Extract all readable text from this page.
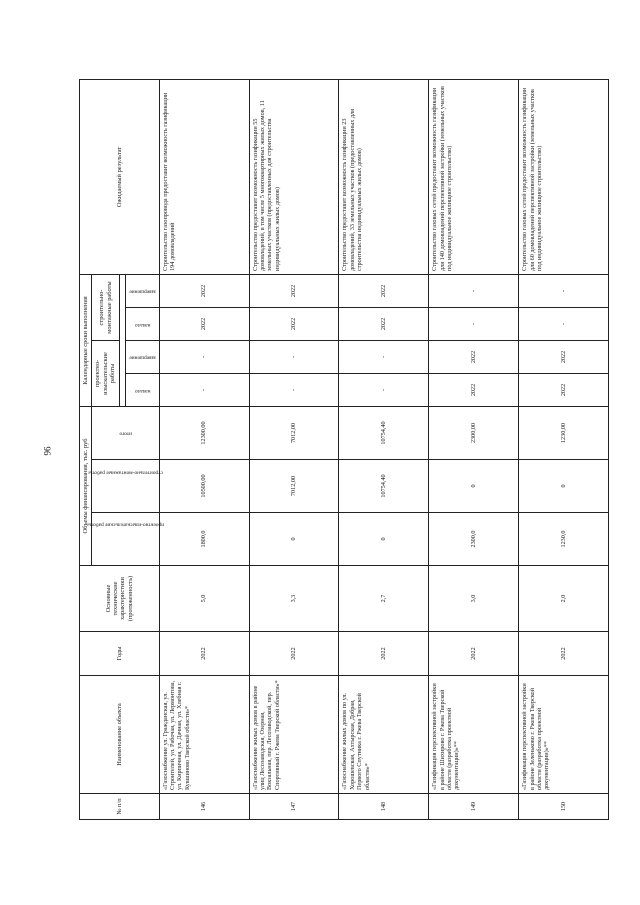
96
№ п/п	Наименование объекта	Годы	Основные технические характеристики (протяженность)	Объемы финансирования, тыс. руб			Календарные сроки выполнения				Ожидаемый результат
				проектно-изыскательские работы	строительно-монтажные работы	итого	проектно-изыскательские работы		строительно-монтажные работы		

							начало	завершение	начало	завершение	
146	«Газоснабжение ул. Гражданская, ул. Строителей, ул. Рабочая, ул. Лермонтова, ул. Кирпичная, ул. Дачная, ул. Хлебная г. Кувшиново Тверской области»*	2022	5,0	1800,0	10500,00	12300,00	-	-	2022	2022	Строительство газопровода предоставит возможность газификации 194 домовладений
147	«Газоснабжение жилых домов в районе улиц Лесозаводская, Озерная, Вокзальная, пер. Лесозаводской, пер. Спортивный г. Ржева Тверской области»*	2022	3,3	0	7012,00	7012,00	-	-	2022	2022	Строительство предоставит возможность газификации 55 домовладений, в том числе 5 многоквартирных жилых домов, 11 земельных участков (предоставленных для строительства индивидуальных жилых домов)
148	«Газоснабжение жилых домов по ул. Хорошевская, Ахтырская, Добрая, Первого Спутника г. Ржева Тверской области»*	2022	2,7	0	10754,40	10754,40	-	-	2022	2022	Строительство предоставит возможность газификации 23 домовладений, 33 земельных участков (предоставленных для строительства индивидуальных жилых домов)
149	«Газификация перспективной застройки в районе Шихирово г. Ржева Тверской области (разработка проектной документации)»**	2022	3,0	2300,0	0	2300,00	2022	2022	-	-	Строительство газовых сетей предоставит возможность газификации для 140 домовладений перспективной застройки (земельных участков под индивидуальное жилищное строительство)
150	«Газификация перспективной застройки в районе Зеленьково г. Ржева Тверской области (разработка проектной документации)»**	2022	2,0	1230,0	0	1230,00	2022	2022	-	-	Строительство газовых сетей предоставит возможность газификации для 60 домовладений перспективной застройки (земельных участков под индивидуальное жилищное строительство)
